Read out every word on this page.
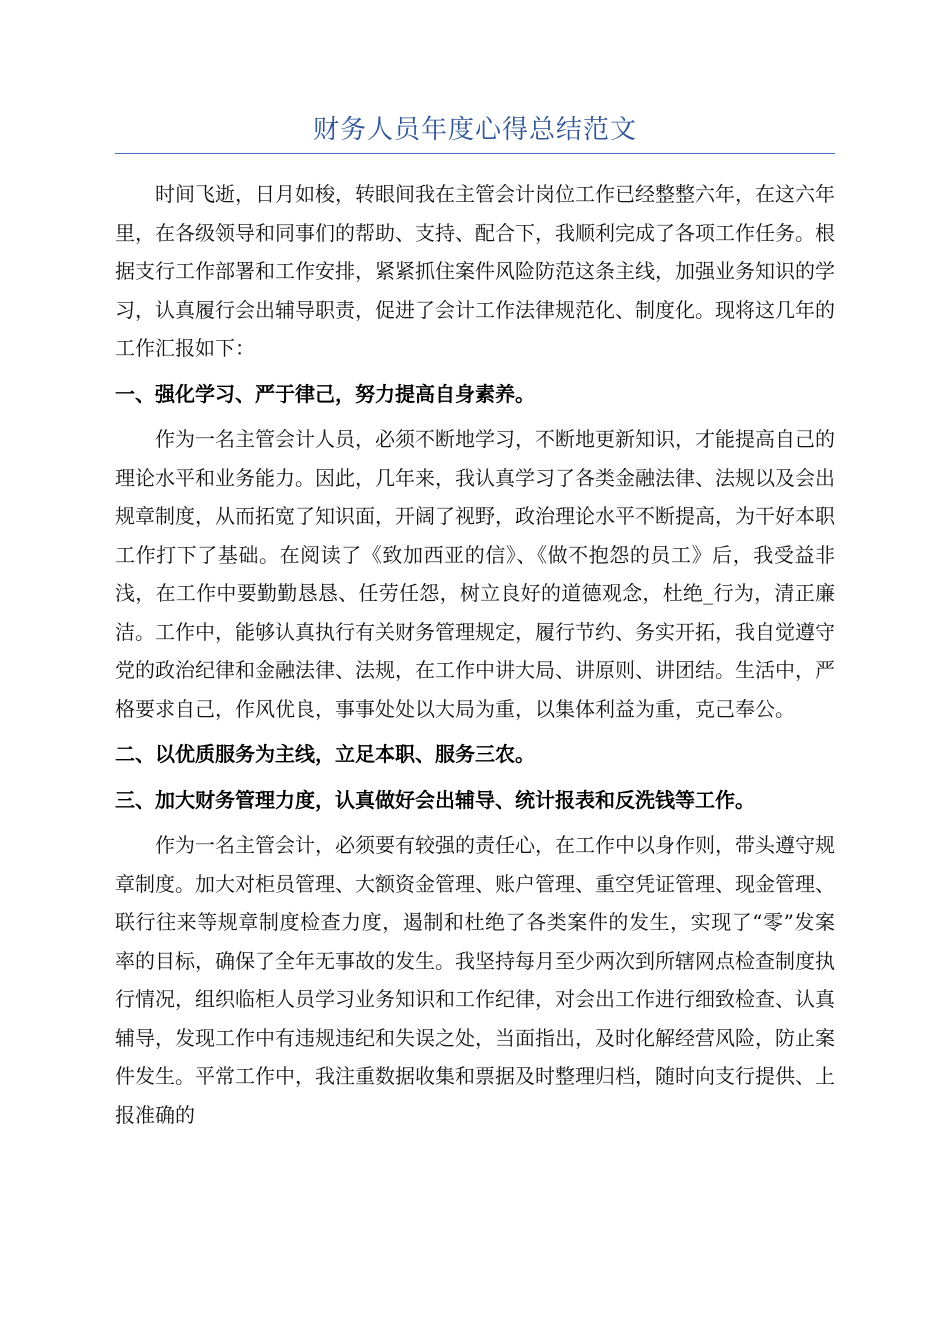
财务人员年度心得总结范文

时间飞逝，日月如梭，转眼间我在主管会计岗位工作已经整整六年，在这六年里，在各级领导和同事们的帮助、支持、配合下，我顺利完成了各项工作任务。根据支行工作部署和工作安排，紧紧抓住案件风险防范这条主线，加强业务知识的学习，认真履行会出辅导职责，促进了会计工作法律规范化、制度化。现将这几年的工作汇报如下：

一、强化学习、严于律己，努力提高自身素养。

作为一名主管会计人员，必须不断地学习，不断地更新知识，才能提高自己的理论水平和业务能力。因此，几年来，我认真学习了各类金融法律、法规以及会出规章制度，从而拓宽了知识面，开阔了视野，政治理论水平不断提高，为干好本职工作打下了基础。在阅读了《致加西亚的信》、《做不抱怨的员工》后，我受益非浅，在工作中要勤勤恳恳、任劳任怨，树立良好的道德观念，杜绝_行为，清正廉洁。工作中，能够认真执行有关财务管理规定，履行节约、务实开拓，我自觉遵守党的政治纪律和金融法律、法规，在工作中讲大局、讲原则、讲团结。生活中，严格要求自己，作风优良，事事处处以大局为重，以集体利益为重，克己奉公。

二、以优质服务为主线，立足本职、服务三农。

三、加大财务管理力度，认真做好会出辅导、统计报表和反洗钱等工作。

作为一名主管会计，必须要有较强的责任心，在工作中以身作则，带头遵守规章制度。加大对柜员管理、大额资金管理、账户管理、重空凭证管理、现金管理、联行往来等规章制度检查力度，遏制和杜绝了各类案件的发生，实现了“零”发案率的目标，确保了全年无事故的发生。我坚持每月至少两次到所辖网点检查制度执行情况，组织临柜人员学习业务知识和工作纪律，对会出工作进行细致检查、认真辅导，发现工作中有违规违纪和失误之处，当面指出，及时化解经营风险，防止案件发生。平常工作中，我注重数据收集和票据及时整理归档，随时向支行提供、上报准确的
